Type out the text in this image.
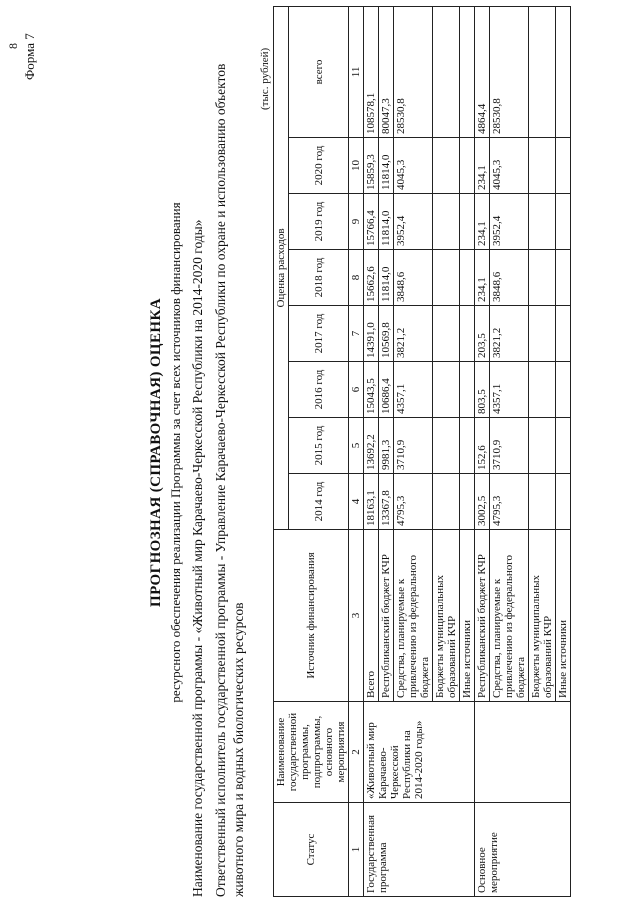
8 Форма 7
ПРОГНОЗНАЯ (СПРАВОЧНАЯ) ОЦЕНКА ресурсного обеспечения реализации Программы за счет всех источников финансирования Наименование государственной программы - «Животный мир Карачаево-Черкесской Республики на 2014-2020 годы» Ответственный исполнитель государственной программы - Управление Карачаево-Черкесской Республики по охране и использованию объектов животного мира и водных биологических ресурсов
(тыс. рублей)
Статус	Наименование государственной программы, подпрограммы, основного мероприятия	Источник финансирования	Оценка расходов							
			2014 год	2015 год	2016 год	2017 год	2018 год	2019 год	2020 год	всего
1	2	3	4	5	6	7	8	9	10	11
Государственная программа	«Животный мир Карачаево-Черкесской Республики на 2014-2020 годы»	Всего	18163,1	13692,2	15043,5	14391,0	15662,6	15766,4	15859,3	108578,1
		Республиканский бюджет КЧР	13367,8	9981,3	10686,4	10569,8	11814,0	11814,0	11814,0	80047,3
		Средства, планируемые к привлечению из федерального бюджета	4795,3	3710,9	4357,1	3821,2	3848,6	3952,4	4045,3	28530,8
		Бюджеты муниципальных образований КЧР								
		Иные источники								
Основное мероприятие		Республиканский бюджет КЧР	3002,5	152,6	803,5	203,5	234,1	234,1	234,1	4864,4
		Средства, планируемые к привлечению из федерального бюджета	4795,3	3710,9	4357,1	3821,2	3848,6	3952,4	4045,3	28530,8
		Бюджеты муниципальных образований КЧР								
		Иные источники								
